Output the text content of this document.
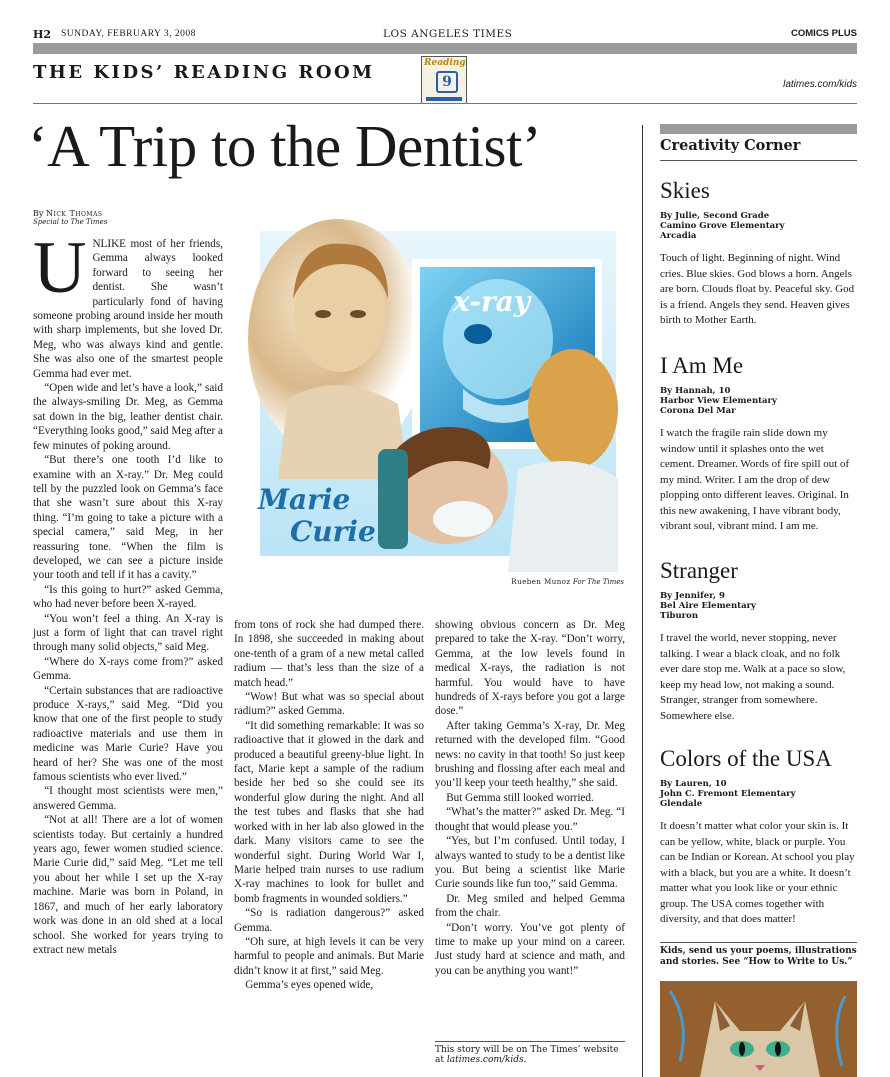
H2 SUNDAY, FEBRUARY 3, 2008	LOS ANGELES TIMES	COMICS PLUS
THE KIDS’ READING ROOM	Reading
9	latimes.com/kids
‘A Trip to the Dentist’
By Nick Thomas
Special to The Times

UNLIKE most of her friends, Gemma always looked forward to seeing her dentist. She wasn’t particularly fond of having someone probing around inside her mouth with sharp implements, but she loved Dr. Meg, who was always kind and gentle. She was also one of the smartest people Gemma had ever met.

“Open wide and let’s have a look,” said the always-smiling Dr. Meg, as Gemma sat down in the big, leather dentist chair. “Everything looks good,” said Meg after a few minutes of poking around.

“But there’s one tooth I’d like to examine with an X-ray.” Dr. Meg could tell by the puzzled look on Gemma’s face that she wasn’t sure about this X-ray thing. “I’m going to take a picture with a special camera,” said Meg, in her reassuring tone. “When the film is developed, we can see a picture inside your tooth and tell if it has a cavity.”

“Is this going to hurt?” asked Gemma, who had never before been X-rayed.

“You won’t feel a thing. An X-ray is just a form of light that can travel right through many solid objects,” said Meg.

“Where do X-rays come from?” asked Gemma.

“Certain substances that are radioactive produce X-rays,” said Meg. “Did you know that one of the first people to study radioactive materials and use them in medicine was Marie Curie? Have you heard of her? She was one of the most famous scientists who ever lived.”

“I thought most scientists were men,” answered Gemma.

“Not at all! There are a lot of women scientists today. But certainly a hundred years ago, fewer women studied science. Marie Curie did,” said Meg. “Let me tell you about her while I set up the X-ray machine. Marie was born in Poland, in 1867, and much of her early laboratory work was done in an old shed at a local school. She worked for years trying to extract new metals

x-ray
Marie
Curie
Rueben Munoz For The Times

from tons of rock she had dumped there. In 1898, she succeeded in making about one-tenth of a gram of a new metal called radium — that’s less than the size of a match head.”

“Wow! But what was so special about radium?” asked Gemma.

“It did something remarkable: It was so radioactive that it glowed in the dark and produced a beautiful greeny-blue light. In fact, Marie kept a sample of the radium beside her bed so she could see its wonderful glow during the night. And all the test tubes and flasks that she had worked with in her lab also glowed in the dark. Many visitors came to see the wonderful sight. During World War I, Marie helped train nurses to use radium X-ray machines to look for bullet and bomb fragments in wounded soldiers.”

“So is radiation dangerous?” asked Gemma.

“Oh sure, at high levels it can be very harmful to people and animals. But Marie didn’t know it at first,” said Meg.

Gemma’s eyes opened wide,

showing obvious concern as Dr. Meg prepared to take the X-ray. “Don’t worry, Gemma, at the low levels found in medical X-rays, the radiation is not harmful. You would have to have hundreds of X-rays before you got a large dose.”

After taking Gemma’s X-ray, Dr. Meg returned with the developed film. “Good news: no cavity in that tooth! So just keep brushing and flossing after each meal and you’ll keep your teeth healthy,” she said.

But Gemma still looked worried.

“What’s the matter?” asked Dr. Meg. “I thought that would please you.”

“Yes, but I’m confused. Until today, I always wanted to study to be a dentist like you. But being a scientist like Marie Curie sounds like fun too,” said Gemma.

Dr. Meg smiled and helped Gemma from the chair.

“Don’t worry. You’ve got plenty of time to make up your mind on a career. Just study hard at science and math, and you can be anything you want!”

This story will be on The Times’ website at latimes.com/kids.
Creativity Corner
Skies
By Julie, Second Grade
Camino Grove Elementary
Arcadia
Touch of light. Beginning of night. Wind cries. Blue skies. God blows a horn. Angels are born. Clouds float by. Peaceful sky. God is a friend. Angels they send. Heaven gives birth to Mother Earth.
I Am Me
By Hannah, 10
Harbor View Elementary
Corona Del Mar
I watch the fragile rain slide down my window until it splashes onto the wet cement. Dreamer. Words of fire spill out of my mind. Writer. I am the drop of dew plopping onto different leaves. Original. In this new awakening, I have vibrant body, vibrant soul, vibrant mind. I am me.
Stranger
By Jennifer, 9
Bel Aire Elementary
Tiburon
I travel the world, never stopping, never talking. I wear a black cloak, and no folk ever dare stop me. Walk at a pace so slow, keep my head low, not making a sound. Stranger, stranger from somewhere. Somewhere else.
Colors of the USA
By Lauren, 10
John C. Fremont Elementary
Glendale
It doesn’t matter what color your skin is. It can be yellow, white, black or purple. You can be Indian or Korean. At school you play with a black, but you are a white. It doesn’t matter what you look like or your ethnic group. The USA comes together with diversity, and that does matter!
Kids, send us your poems, illustrations and stories. See “How to Write to Us.”
